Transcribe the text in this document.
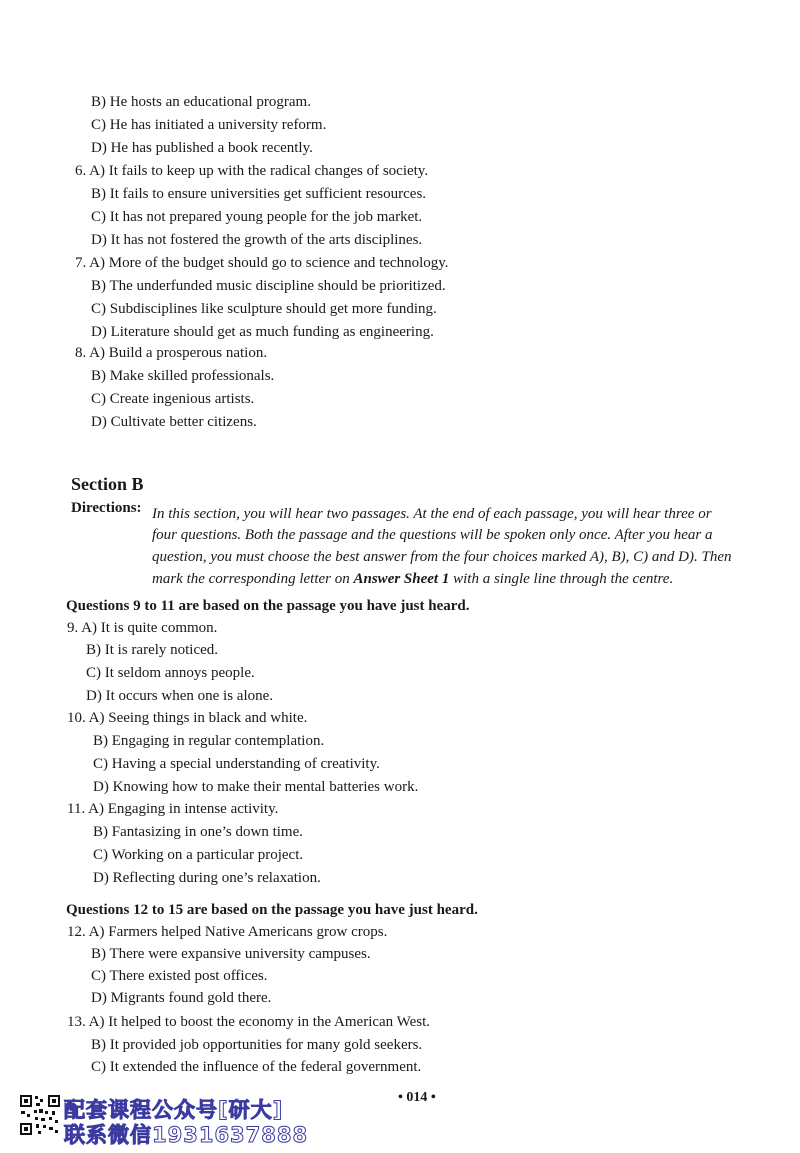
B) He hosts an educational program.
C) He has initiated a university reform.
D) He has published a book recently.
6. A) It fails to keep up with the radical changes of society.
B) It fails to ensure universities get sufficient resources.
C) It has not prepared young people for the job market.
D) It has not fostered the growth of the arts disciplines.
7. A) More of the budget should go to science and technology.
B) The underfunded music discipline should be prioritized.
C) Subdisciplines like sculpture should get more funding.
D) Literature should get as much funding as engineering.
8. A) Build a prosperous nation.
B) Make skilled professionals.
C) Create ingenious artists.
D) Cultivate better citizens.
Section B
Directions: In this section, you will hear two passages. At the end of each passage, you will hear three or
four questions. Both the passage and the questions will be spoken only once. After you hear a
question, you must choose the best answer from the four choices marked A), B), C) and D). Then
mark the corresponding letter on Answer Sheet 1 with a single line through the centre.
Questions 9 to 11 are based on the passage you have just heard.
9. A) It is quite common.
B) It is rarely noticed.
C) It seldom annoys people.
D) It occurs when one is alone.
10. A) Seeing things in black and white.
B) Engaging in regular contemplation.
C) Having a special understanding of creativity.
D) Knowing how to make their mental batteries work.
11. A) Engaging in intense activity.
B) Fantasizing in one’s down time.
C) Working on a particular project.
D) Reflecting during one’s relaxation.
Questions 12 to 15 are based on the passage you have just heard.
12. A) Farmers helped Native Americans grow crops.
B) There were expansive university campuses.
C) There existed post offices.
D) Migrants found gold there.
13. A) It helped to boost the economy in the American West.
B) It provided job opportunities for many gold seekers.
C) It extended the influence of the federal government.
• 014 •
配套课程公众号[研大]
联系微信1931637888
